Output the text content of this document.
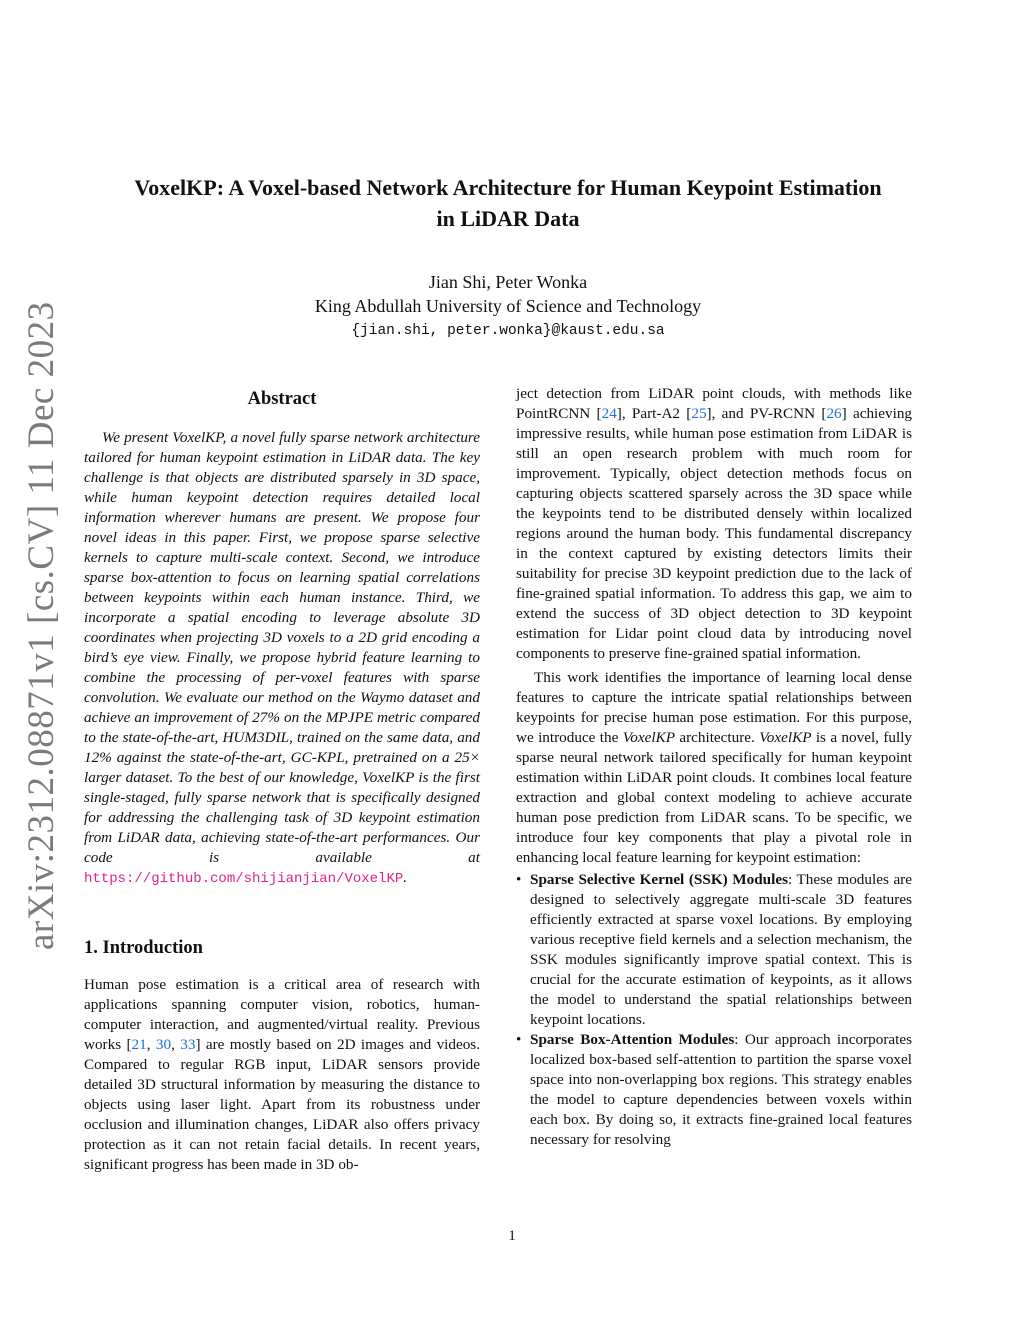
arXiv:2312.08871v1 [cs.CV] 11 Dec 2023
VoxelKP: A Voxel-based Network Architecture for Human Keypoint Estimation
in LiDAR Data
Jian Shi, Peter Wonka
King Abdullah University of Science and Technology
{jian.shi, peter.wonka}@kaust.edu.sa
Abstract

We present VoxelKP, a novel fully sparse network architecture tailored for human keypoint estimation in LiDAR data. The key challenge is that objects are distributed sparsely in 3D space, while human keypoint detection requires detailed local information wherever humans are present. We propose four novel ideas in this paper. First, we propose sparse selective kernels to capture multi-scale context. Second, we introduce sparse box-attention to focus on learning spatial correlations between keypoints within each human instance. Third, we incorporate a spatial encoding to leverage absolute 3D coordinates when projecting 3D voxels to a 2D grid encoding a bird’s eye view. Finally, we propose hybrid feature learning to combine the processing of per-voxel features with sparse convolution. We evaluate our method on the Waymo dataset and achieve an improvement of 27% on the MPJPE metric compared to the state-of-the-art, HUM3DIL, trained on the same data, and 12% against the state-of-the-art, GC-KPL, pretrained on a 25× larger dataset. To the best of our knowledge, VoxelKP is the first single-staged, fully sparse network that is specifically designed for addressing the challenging task of 3D keypoint estimation from LiDAR data, achieving state-of-the-art performances. Our code is available at https://github.com/shijianjian/VoxelKP.

1. Introduction

Human pose estimation is a critical area of research with applications spanning computer vision, robotics, human-computer interaction, and augmented/virtual reality. Previous works [21, 30, 33] are mostly based on 2D images and videos. Compared to regular RGB input, LiDAR sensors provide detailed 3D structural information by measuring the distance to objects using laser light. Apart from its robustness under occlusion and illumination changes, LiDAR also offers privacy protection as it can not retain facial details. In recent years, significant progress has been made in 3D ob-

ject detection from LiDAR point clouds, with methods like PointRCNN [24], Part-A2 [25], and PV-RCNN [26] achieving impressive results, while human pose estimation from LiDAR is still an open research problem with much room for improvement. Typically, object detection methods focus on capturing objects scattered sparsely across the 3D space while the keypoints tend to be distributed densely within localized regions around the human body. This fundamental discrepancy in the context captured by existing detectors limits their suitability for precise 3D keypoint prediction due to the lack of fine-grained spatial information. To address this gap, we aim to extend the success of 3D object detection to 3D keypoint estimation for Lidar point cloud data by introducing novel components to preserve fine-grained spatial information.

This work identifies the importance of learning local dense features to capture the intricate spatial relationships between keypoints for precise human pose estimation. For this purpose, we introduce the VoxelKP architecture. VoxelKP is a novel, fully sparse neural network tailored specifically for human keypoint estimation within LiDAR point clouds. It combines local feature extraction and global context modeling to achieve accurate human pose prediction from LiDAR scans. To be specific, we introduce four key components that play a pivotal role in enhancing local feature learning for keypoint estimation:

• Sparse Selective Kernel (SSK) Modules: These modules are designed to selectively aggregate multi-scale 3D features efficiently extracted at sparse voxel locations. By employing various receptive field kernels and a selection mechanism, the SSK modules significantly improve spatial context. This is crucial for the accurate estimation of keypoints, as it allows the model to understand the spatial relationships between keypoint locations.
• Sparse Box-Attention Modules: Our approach incorporates localized box-based self-attention to partition the sparse voxel space into non-overlapping box regions. This strategy enables the model to capture dependencies between voxels within each box. By doing so, it extracts fine-grained local features necessary for resolving
1
